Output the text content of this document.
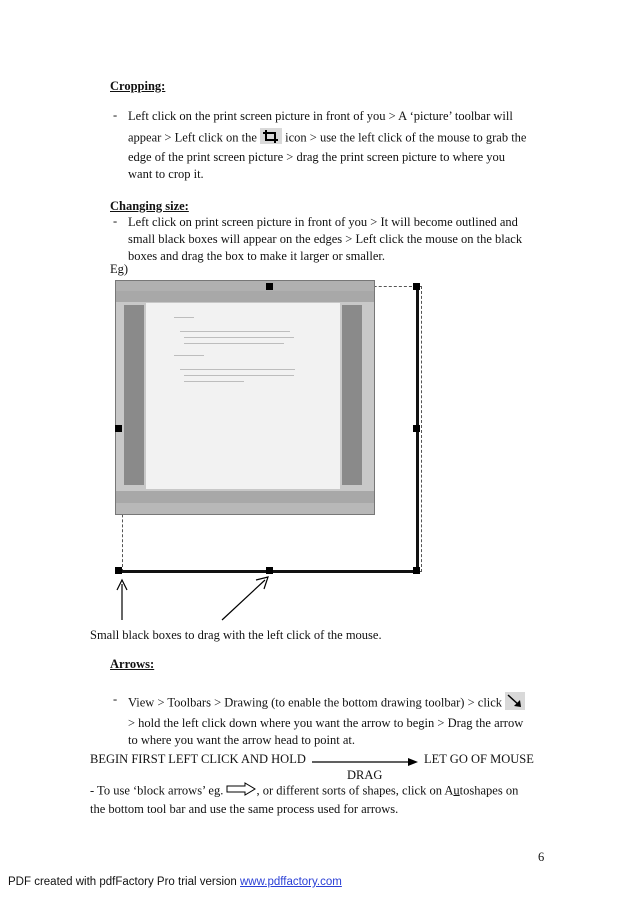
Cropping:
- Left click on the print screen picture in front of you > A ‘picture’ toolbar will
appear > Left click on the icon > use the left click of the mouse to grab the
edge of the print screen picture > drag the print screen picture to where you
want to crop it.
Changing size:
- Left click on print screen picture in front of you > It will become outlined and
small black boxes will appear on the edges > Left click the mouse on the black
boxes and drag the box to make it larger or smaller.
Eg)
Small black boxes to drag with the left click of the mouse.
Arrows:
- View > Toolbars > Drawing (to enable the bottom drawing toolbar) > click
> hold the left click down where you want the arrow to begin > Drag the arrow
to where you want the arrow head to point at.
BEGIN FIRST LEFT CLICK AND HOLD	LET GO OF MOUSE
DRAG
- To use ‘block arrows’ eg.	, or different sorts of shapes, click on Autoshapes on
the bottom tool bar and use the same process used for arrows.
6
PDF created with pdfFactory Pro trial version www.pdffactory.com
